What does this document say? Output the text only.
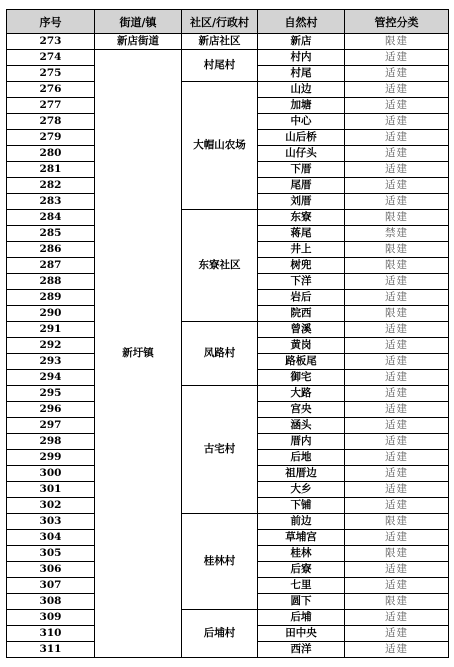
序号	街道/镇	社区/行政村	自然村	管控分类
273	新店街道	新店社区	新店	限建
274	新圩镇	村尾村	村内	适建
275			村尾	适建
276		大帽山农场	山边	适建
277			加塘	适建
278			中心	适建
279			山后桥	适建
280			山仔头	适建
281			下厝	适建
282			尾厝	适建
283			刘厝	适建
284		东寮社区	东寮	限建
285			蒋尾	禁建
286			井上	限建
287			树兜	限建
288			下洋	适建
289			岩后	适建
290			院西	限建
291		凤路村	曾溪	适建
292			黄岗	适建
293			路板尾	适建
294			御宅	适建
295		古宅村	大路	适建
296			宫央	适建
297			涵头	适建
298			厝内	适建
299			后地	适建
300			祖厝边	适建
301			大乡	适建
302			下铺	适建
303		桂林村	前边	限建
304			草埔宫	适建
305			桂林	限建
306			后寮	适建
307			七里	适建
308			圆下	限建
309		后埔村	后埔	适建
310			田中央	适建
311			西洋	适建
